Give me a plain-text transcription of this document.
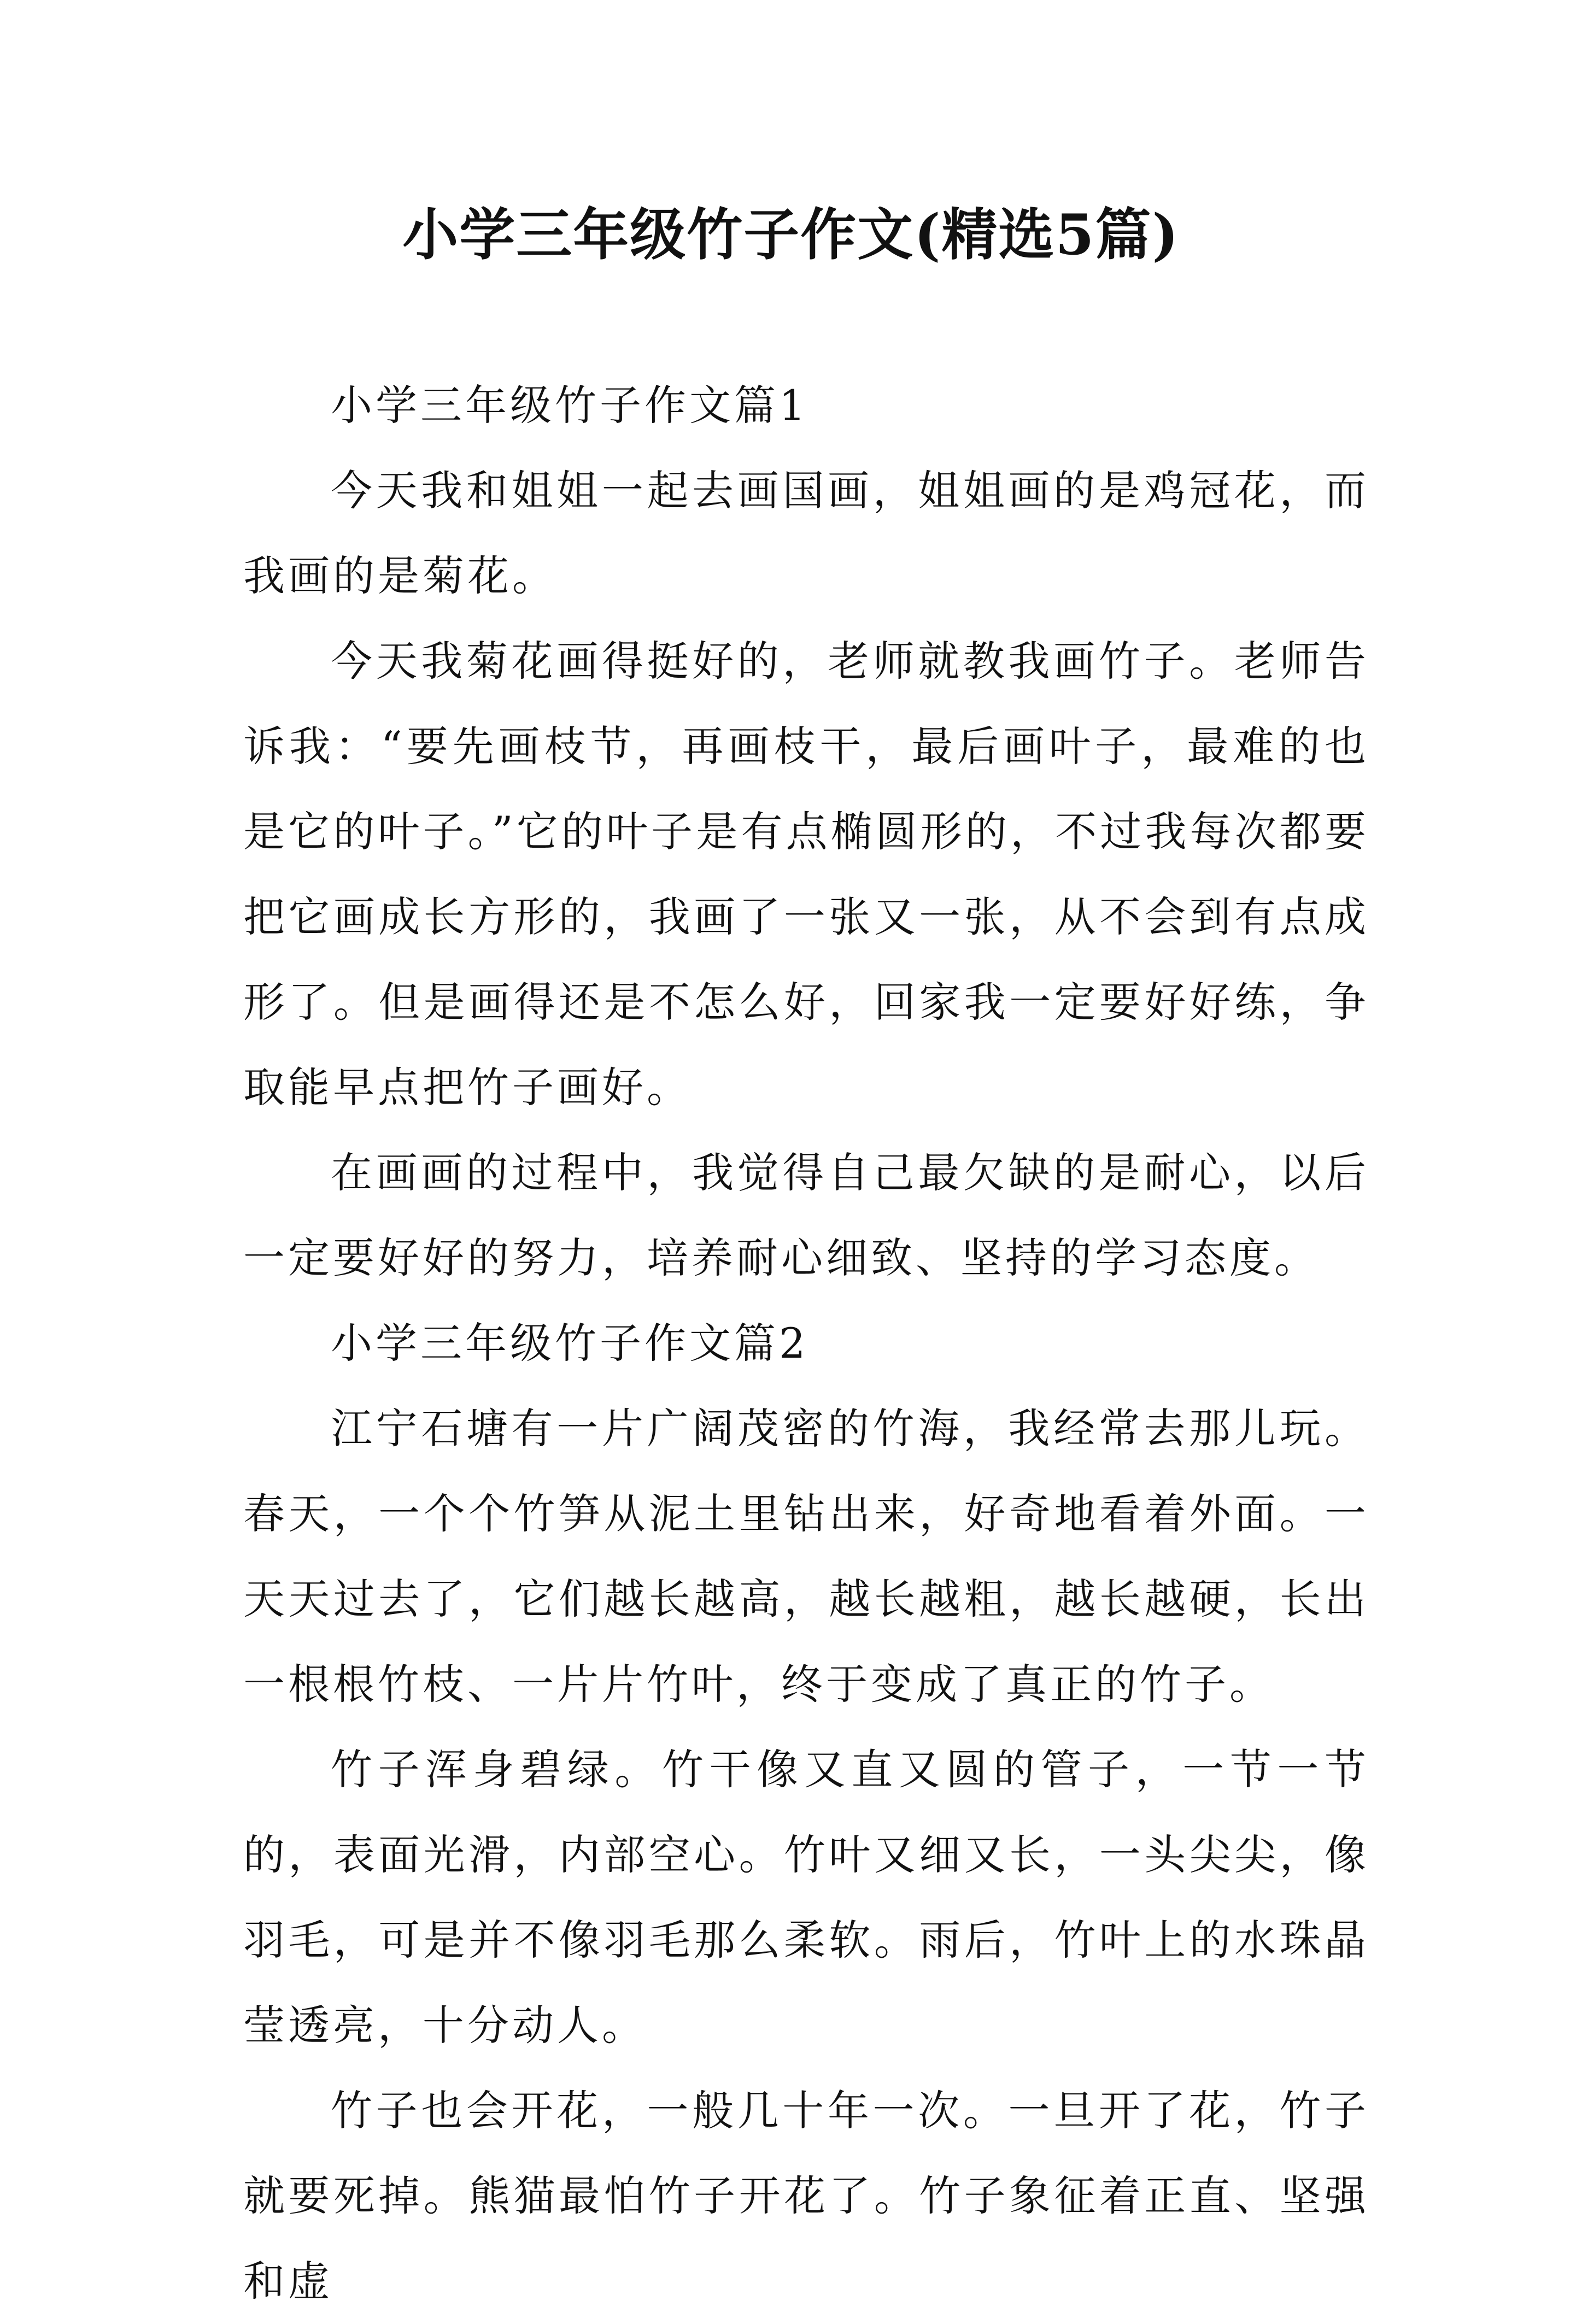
小学三年级竹子作文(精选5篇)

小学三年级竹子作文篇1

今天我和姐姐一起去画国画，姐姐画的是鸡冠花，而我画的是菊花。

今天我菊花画得挺好的，老师就教我画竹子。老师告诉我：“要先画枝节，再画枝干，最后画叶子，最难的也是它的叶子。”它的叶子是有点椭圆形的，不过我每次都要把它画成长方形的，我画了一张又一张，从不会到有点成形了。但是画得还是不怎么好，回家我一定要好好练，争取能早点把竹子画好。

在画画的过程中，我觉得自己最欠缺的是耐心，以后一定要好好的努力，培养耐心细致、坚持的学习态度。

小学三年级竹子作文篇2

江宁石塘有一片广阔茂密的竹海，我经常去那儿玩。春天，一个个竹笋从泥土里钻出来，好奇地看着外面。一天天过去了，它们越长越高，越长越粗，越长越硬，长出一根根竹枝、一片片竹叶，终于变成了真正的竹子。

竹子浑身碧绿。竹干像又直又圆的管子，一节一节的，表面光滑，内部空心。竹叶又细又长，一头尖尖，像羽毛，可是并不像羽毛那么柔软。雨后，竹叶上的水珠晶莹透亮，十分动人。

竹子也会开花，一般几十年一次。一旦开了花，竹子就要死掉。熊猫最怕竹子开花了。竹子象征着正直、坚强和虚
